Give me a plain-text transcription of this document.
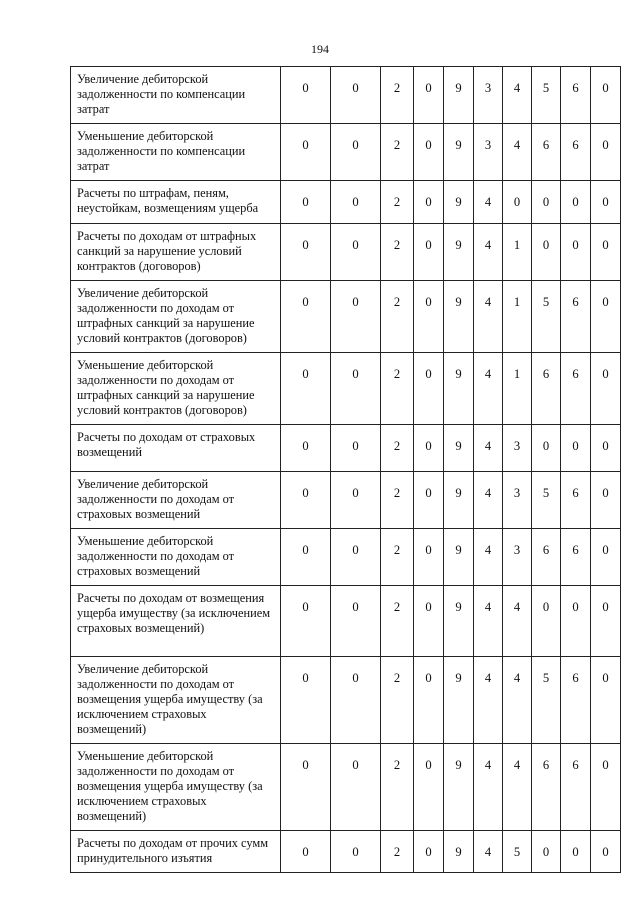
194
Увеличение дебиторской задолженности по компенсации затрат	0	0	2	0	9	3	4	5	6	0
Уменьшение дебиторской задолженности по компенсации затрат	0	0	2	0	9	3	4	6	6	0
Расчеты по штрафам, пеням, неустойкам, возмещениям ущерба	0	0	2	0	9	4	0	0	0	0
Расчеты по доходам от штрафных санкций за нарушение условий контрактов (договоров)	0	0	2	0	9	4	1	0	0	0
Увеличение дебиторской задолженности по доходам от штрафных санкций за нарушение условий контрактов (договоров)	0	0	2	0	9	4	1	5	6	0
Уменьшение дебиторской задолженности по доходам от штрафных санкций за нарушение условий контрактов (договоров)	0	0	2	0	9	4	1	6	6	0
Расчеты по доходам от страховых возмещений	0	0	2	0	9	4	3	0	0	0
Увеличение дебиторской задолженности по доходам от страховых возмещений	0	0	2	0	9	4	3	5	6	0
Уменьшение дебиторской задолженности по доходам от страховых возмещений	0	0	2	0	9	4	3	6	6	0
Расчеты по доходам от возмещения ущерба имуществу (за исключением страховых возмещений)	0	0	2	0	9	4	4	0	0	0
Увеличение дебиторской задолженности по доходам от возмещения ущерба имуществу (за исключением страховых возмещений)	0	0	2	0	9	4	4	5	6	0
Уменьшение дебиторской задолженности по доходам от возмещения ущерба имуществу (за исключением страховых возмещений)	0	0	2	0	9	4	4	6	6	0
Расчеты по доходам от прочих сумм принудительного изъятия	0	0	2	0	9	4	5	0	0	0
